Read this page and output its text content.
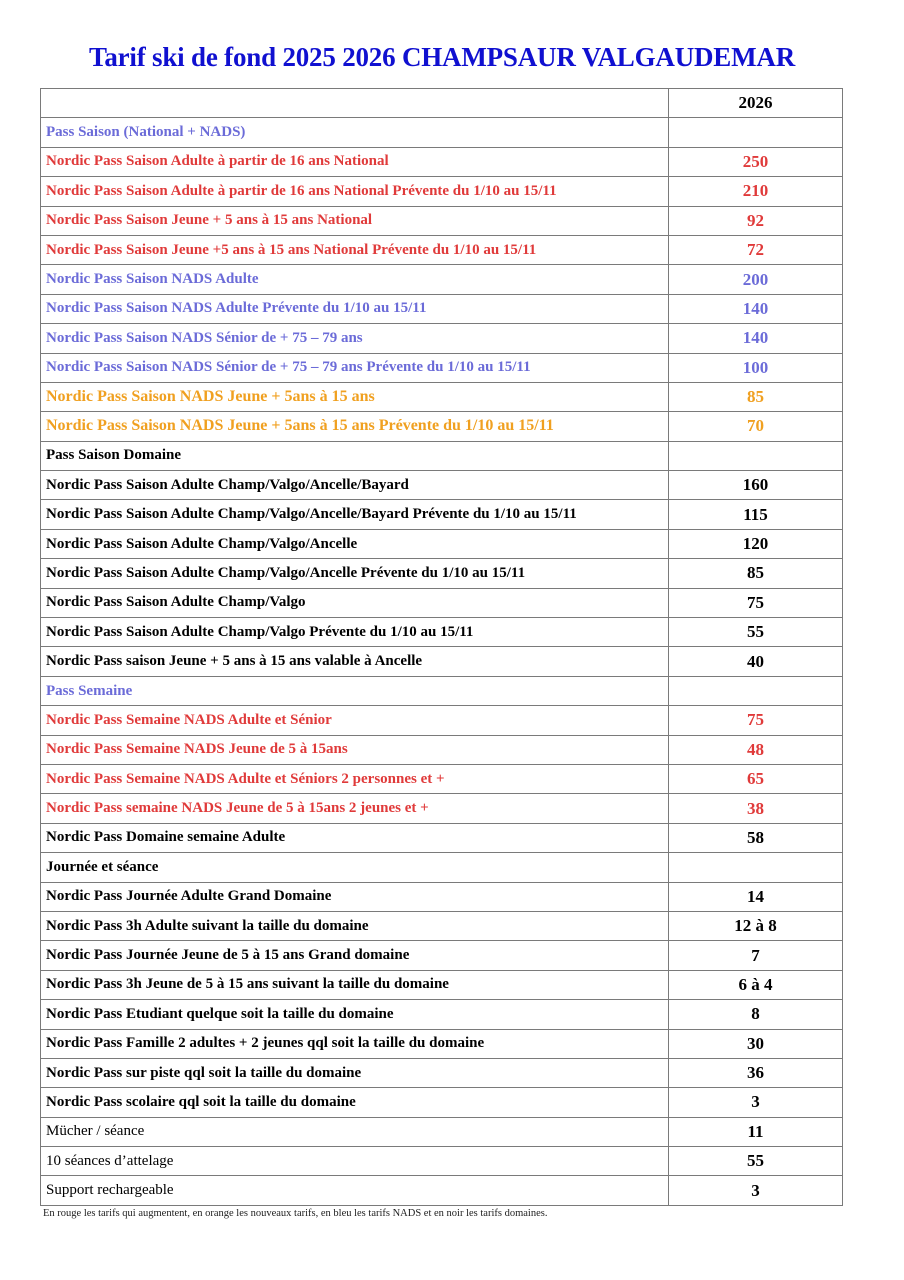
Tarif ski de fond 2025 2026 CHAMPSAUR VALGAUDEMAR
	2026
Pass Saison (National + NADS)	
Nordic Pass Saison Adulte à partir de 16 ans National	250
Nordic Pass Saison Adulte à partir de 16 ans National Prévente du 1/10 au 15/11	210
Nordic Pass Saison Jeune + 5 ans à 15 ans National	92
Nordic Pass Saison Jeune +5 ans à 15 ans National Prévente du 1/10 au 15/11	72
Nordic Pass Saison NADS Adulte	200
Nordic Pass Saison NADS Adulte Prévente du 1/10 au 15/11	140
Nordic Pass Saison NADS Sénior de + 75 – 79 ans	140
Nordic Pass Saison NADS Sénior de + 75 – 79 ans Prévente du 1/10 au 15/11	100
Nordic Pass Saison NADS Jeune + 5ans à 15 ans	85
Nordic Pass Saison NADS Jeune + 5ans à 15 ans Prévente du 1/10 au 15/11	70
Pass Saison Domaine	
Nordic Pass Saison Adulte Champ/Valgo/Ancelle/Bayard	160
Nordic Pass Saison Adulte Champ/Valgo/Ancelle/Bayard Prévente du 1/10 au 15/11	115
Nordic Pass Saison Adulte Champ/Valgo/Ancelle	120
Nordic Pass Saison Adulte Champ/Valgo/Ancelle Prévente du 1/10 au 15/11	85
Nordic Pass Saison Adulte Champ/Valgo	75
Nordic Pass Saison Adulte Champ/Valgo Prévente du 1/10 au 15/11	55
Nordic Pass saison Jeune + 5 ans à 15 ans valable à Ancelle	40
Pass Semaine	
Nordic Pass Semaine NADS Adulte et Sénior	75
Nordic Pass Semaine NADS Jeune de 5 à 15ans	48
Nordic Pass Semaine NADS Adulte et Séniors 2 personnes et +	65
Nordic Pass semaine NADS Jeune de 5 à 15ans 2 jeunes et +	38
Nordic Pass Domaine semaine Adulte	58
Journée et séance	
Nordic Pass Journée Adulte Grand Domaine	14
Nordic Pass 3h Adulte suivant la taille du domaine	12 à 8
Nordic Pass Journée Jeune de 5 à 15 ans Grand domaine	7
Nordic Pass 3h Jeune de 5 à 15 ans suivant la taille du domaine	6 à 4
Nordic Pass Etudiant quelque soit la taille du domaine	8
Nordic Pass Famille 2 adultes + 2 jeunes qql soit la taille du domaine	30
Nordic Pass sur piste qql soit la taille du domaine	36
Nordic Pass scolaire qql soit la taille du domaine	3
Mücher / séance	11
10 séances d’attelage	55
Support rechargeable	3
En rouge les tarifs qui augmentent, en orange les nouveaux tarifs, en bleu les tarifs NADS et en noir les tarifs domaines.
